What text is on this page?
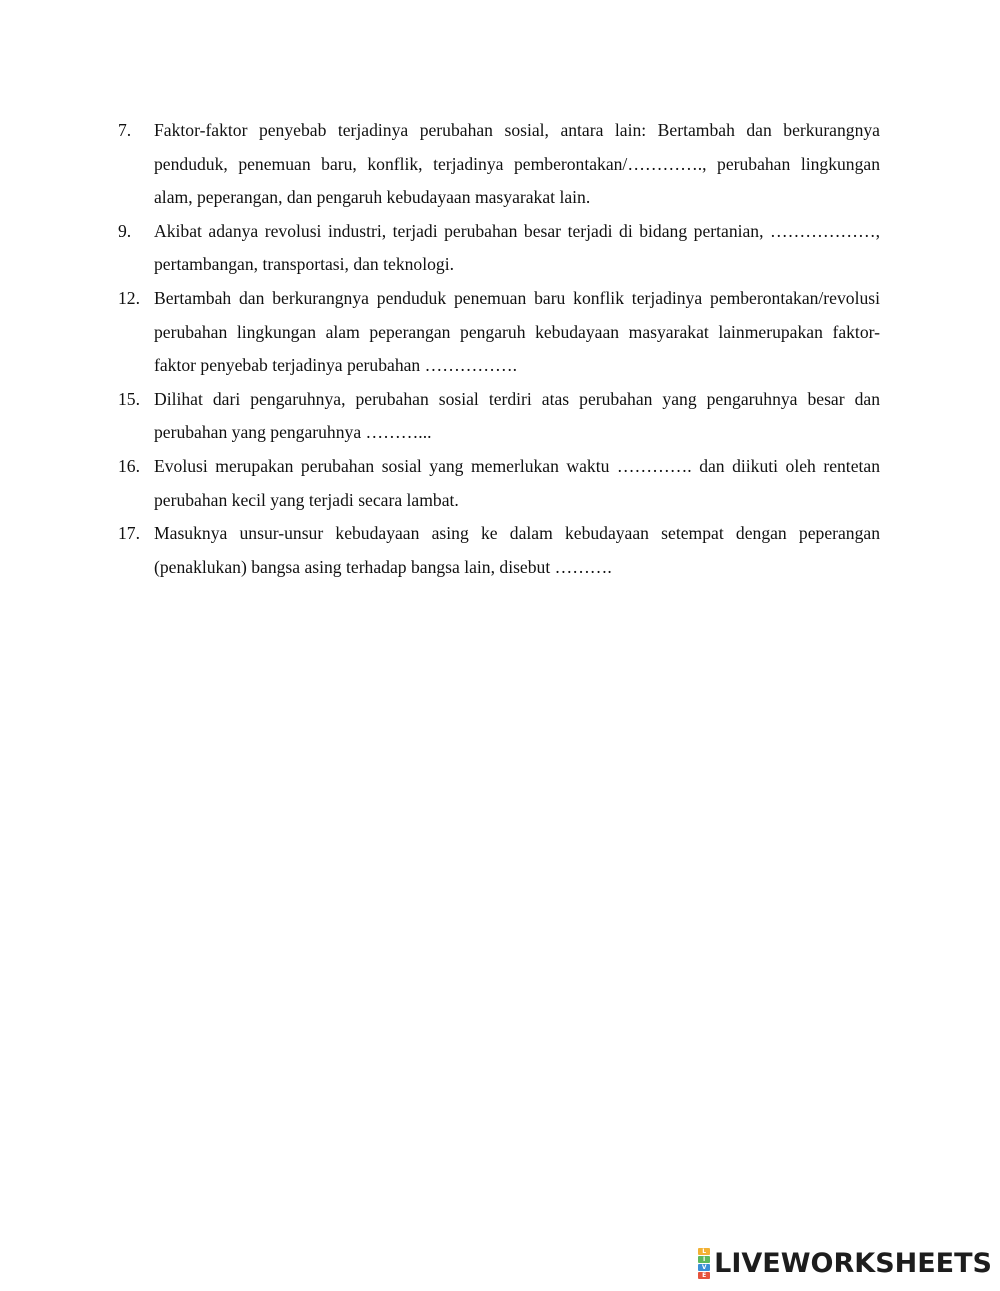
7.	Faktor-faktor penyebab terjadinya perubahan sosial, antara lain: Bertambah dan berkurangnya penduduk, penemuan baru, konflik, terjadinya pemberontakan/…………., perubahan lingkungan alam, peperangan, dan pengaruh kebudayaan masyarakat lain.

9.	Akibat adanya revolusi industri, terjadi perubahan besar terjadi di bidang pertanian, ………………, pertambangan, transportasi, dan teknologi.

12. Bertambah dan berkurangnya penduduk penemuan baru konflik terjadinya pemberontakan/revolusi perubahan lingkungan alam peperangan pengaruh kebudayaan masyarakat lainmerupakan faktor-faktor penyebab terjadinya perubahan …………….

15. Dilihat dari pengaruhnya, perubahan sosial terdiri atas perubahan yang pengaruhnya besar dan perubahan yang pengaruhnya ………...

16. Evolusi merupakan perubahan sosial yang memerlukan waktu …………. dan diikuti oleh rentetan perubahan kecil yang terjadi secara lambat.

17. Masuknya unsur-unsur kebudayaan asing ke dalam kebudayaan setempat dengan peperangan (penaklukan) bangsa asing terhadap bangsa lain, disebut ……….

L
I
V
E LIVEWORKSHEETS
